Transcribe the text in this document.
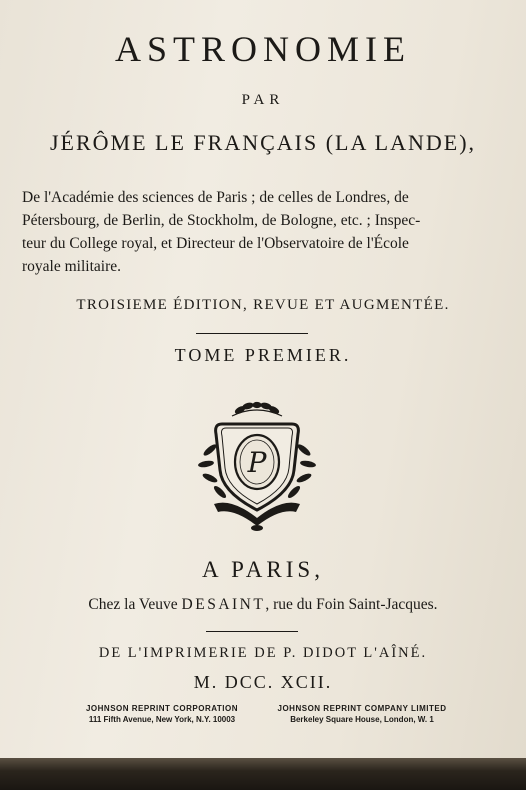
ASTRONOMIE
PAR
JÉRÔME LE FRANÇAIS (LA LANDE),
De l'Académie des sciences de Paris ; de celles de Londres, de
Pétersbourg, de Berlin, de Stockholm, de Bologne, etc. ; Inspec-
teur du College royal, et Directeur de l'Observatoire de l'École
royale militaire.
TROISIEME ÉDITION, REVUE ET AUGMENTÉE.
TOME PREMIER.
P
A PARIS,
Chez la Veuve DESAINT, rue du Foin Saint-Jacques.
DE L'IMPRIMERIE DE P. DIDOT L'AÎNÉ.
M. DCC. XCII.
JOHNSON REPRINT CORPORATION
111 Fifth Avenue, New York, N.Y. 10003
JOHNSON REPRINT COMPANY LIMITED
Berkeley Square House, London, W. 1
